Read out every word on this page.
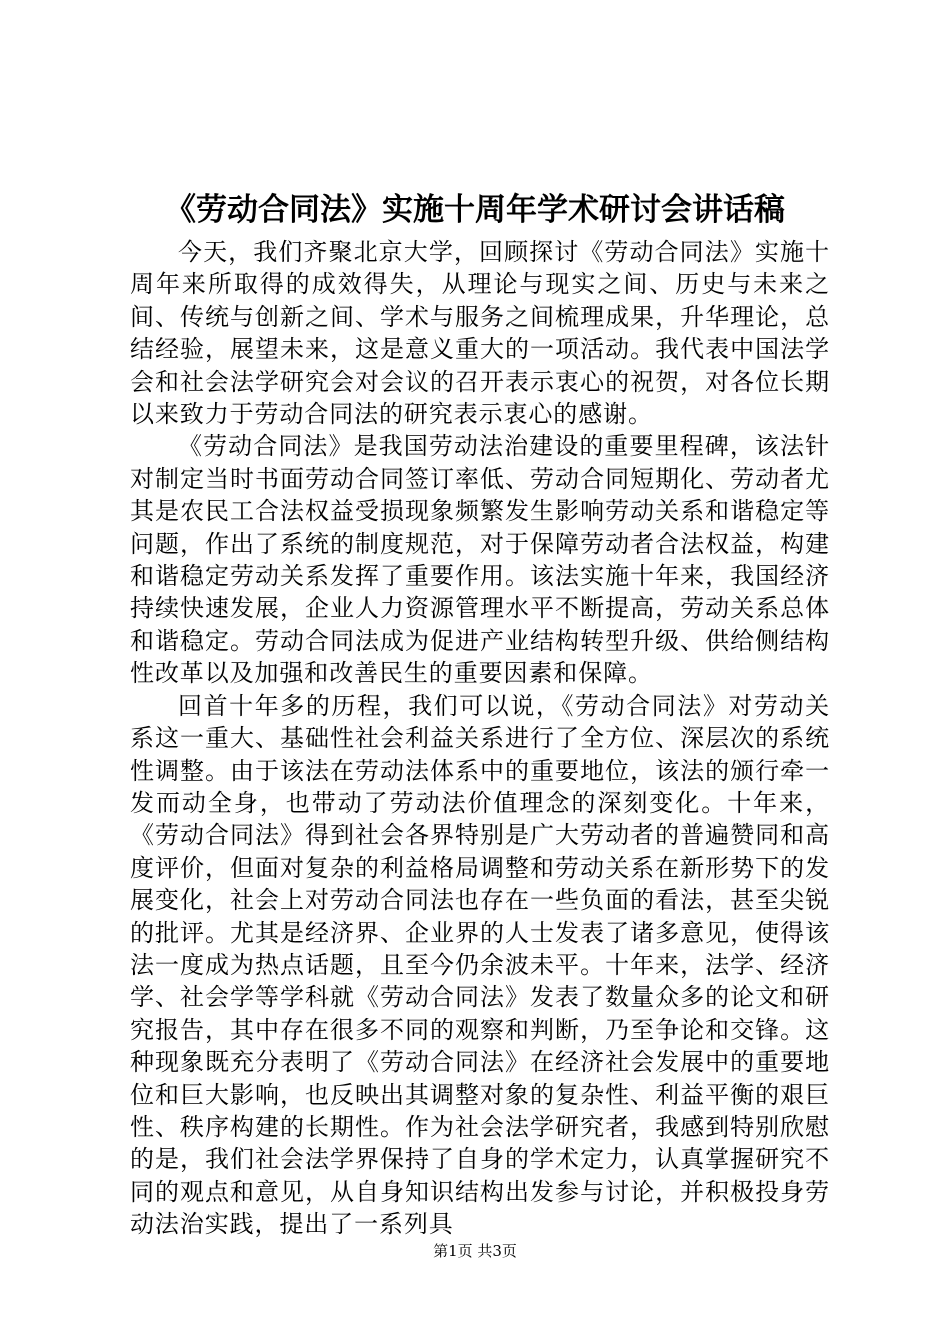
《劳动合同法》实施十周年学术研讨会讲话稿

今天，我们齐聚北京大学，回顾探讨《劳动合同法》实施十周年来所取得的成效得失，从理论与现实之间、历史与未来之间、传统与创新之间、学术与服务之间梳理成果，升华理论，总结经验，展望未来，这是意义重大的一项活动。我代表中国法学会和社会法学研究会对会议的召开表示衷心的祝贺，对各位长期以来致力于劳动合同法的研究表示衷心的感谢。

《劳动合同法》是我国劳动法治建设的重要里程碑，该法针对制定当时书面劳动合同签订率低、劳动合同短期化、劳动者尤其是农民工合法权益受损现象频繁发生影响劳动关系和谐稳定等问题，作出了系统的制度规范，对于保障劳动者合法权益，构建和谐稳定劳动关系发挥了重要作用。该法实施十年来，我国经济持续快速发展，企业人力资源管理水平不断提高，劳动关系总体和谐稳定。劳动合同法成为促进产业结构转型升级、供给侧结构性改革以及加强和改善民生的重要因素和保障。

回首十年多的历程，我们可以说，《劳动合同法》对劳动关系这一重大、基础性社会利益关系进行了全方位、深层次的系统性调整。由于该法在劳动法体系中的重要地位，该法的颁行牵一发而动全身，也带动了劳动法价值理念的深刻变化。十年来，《劳动合同法》得到社会各界特别是广大劳动者的普遍赞同和高度评价，但面对复杂的利益格局调整和劳动关系在新形势下的发展变化，社会上对劳动合同法也存在一些负面的看法，甚至尖锐的批评。尤其是经济界、企业界的人士发表了诸多意见，使得该法一度成为热点话题，且至今仍余波未平。十年来，法学、经济学、社会学等学科就《劳动合同法》发表了数量众多的论文和研究报告，其中存在很多不同的观察和判断，乃至争论和交锋。这种现象既充分表明了《劳动合同法》在经济社会发展中的重要地位和巨大影响，也反映出其调整对象的复杂性、利益平衡的艰巨性、秩序构建的长期性。作为社会法学研究者，我感到特别欣慰的是，我们社会法学界保持了自身的学术定力，认真掌握研究不同的观点和意见，从自身知识结构出发参与讨论，并积极投身劳动法治实践，提出了一系列具

第1页 共3页
